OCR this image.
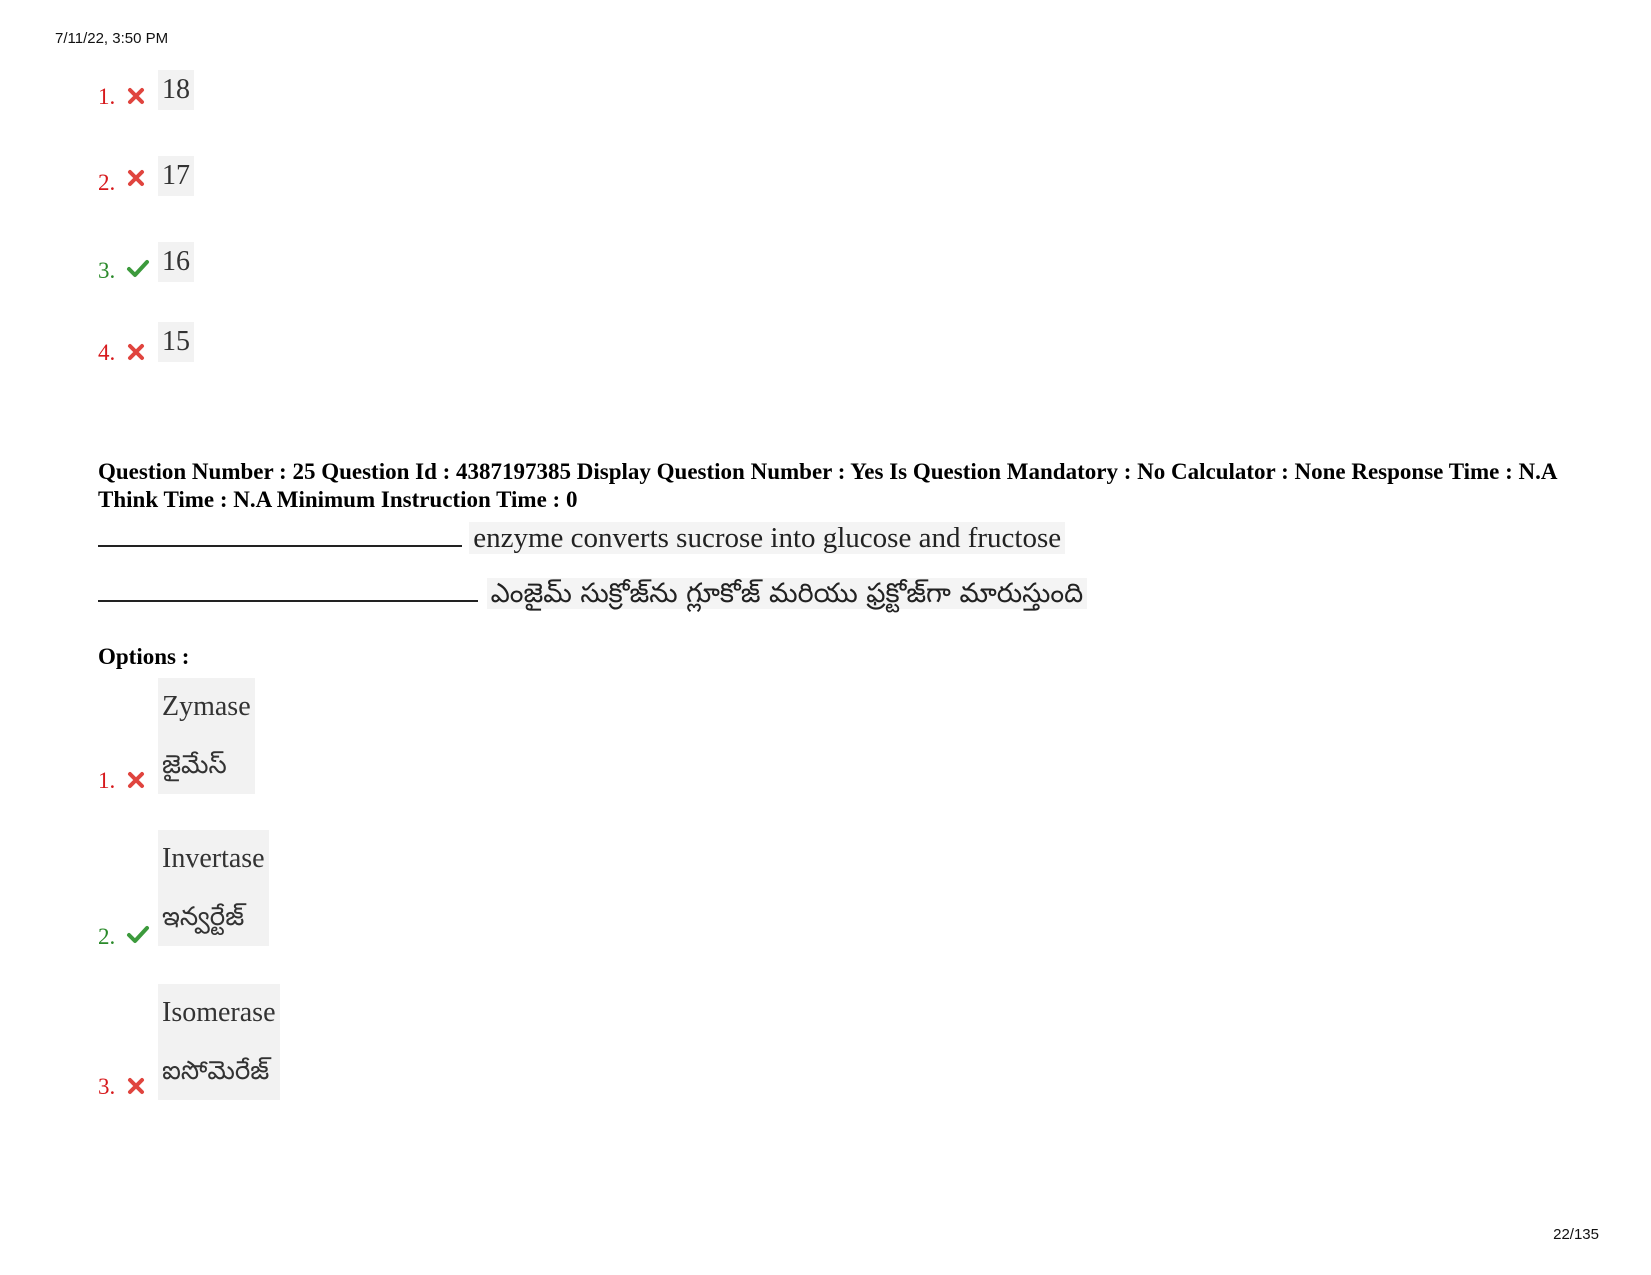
7/11/22, 3:50 PM
1. 18
2. 17
3. 16
4. 15
Question Number : 25 Question Id : 4387197385 Display Question Number : Yes Is Question Mandatory : No Calculator : None Response Time : N.A Think Time : N.A Minimum Instruction Time : 0
enzyme converts sucrose into glucose and fructose
ఎంజైమ్ సుక్రోజ్‌ను గ్లూకోజ్ మరియు ఫ్రక్టోజ్‌గా మారుస్తుంది
Options :
1.
Zymase
జైమేస్
2.
Invertase
ఇన్వర్టేజ్
3.
Isomerase
ఐసోమెరేజ్
22/135
